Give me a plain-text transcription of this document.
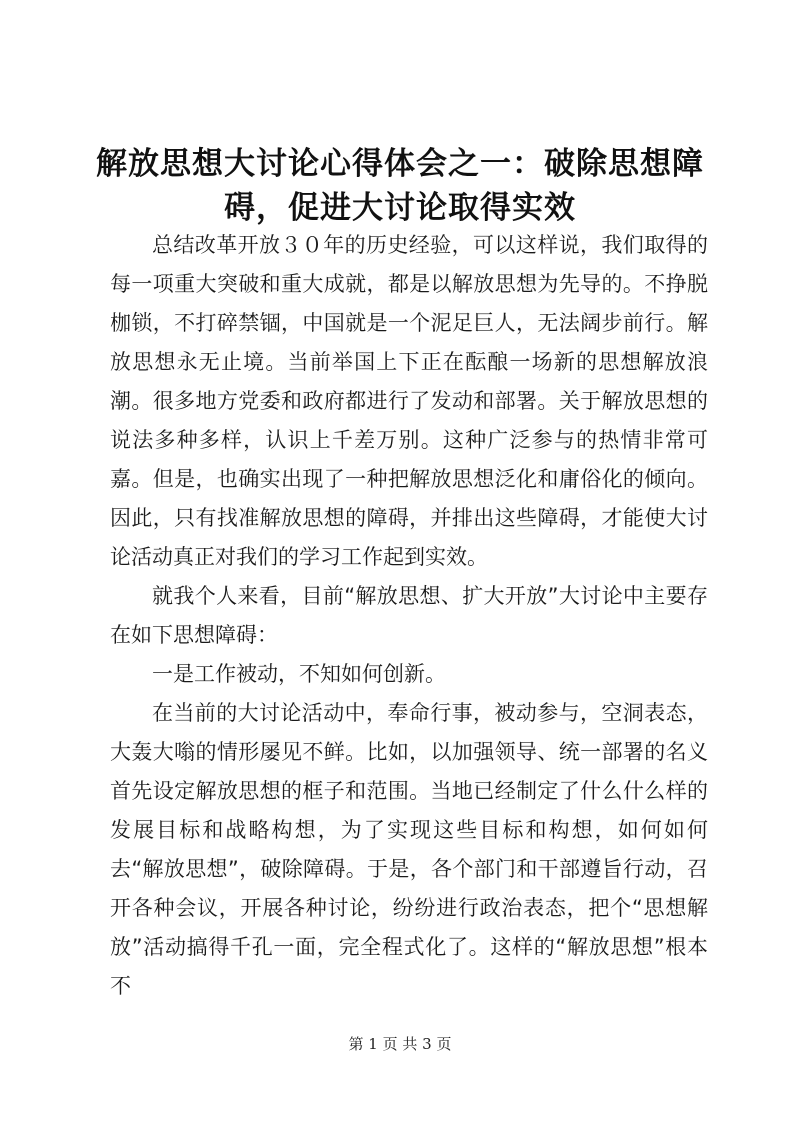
解放思想大讨论心得体会之一：破除思想障
碍，促进大讨论取得实效

总结改革开放３０年的历史经验，可以这样说，我们取得的每一项重大突破和重大成就，都是以解放思想为先导的。不挣脱枷锁，不打碎禁锢，中国就是一个泥足巨人，无法阔步前行。解放思想永无止境。当前举国上下正在酝酿一场新的思想解放浪潮。很多地方党委和政府都进行了发动和部署。关于解放思想的说法多种多样，认识上千差万别。这种广泛参与的热情非常可嘉。但是，也确实出现了一种把解放思想泛化和庸俗化的倾向。因此，只有找准解放思想的障碍，并排出这些障碍，才能使大讨论活动真正对我们的学习工作起到实效。

就我个人来看，目前“解放思想、扩大开放”大讨论中主要存在如下思想障碍：

一是工作被动，不知如何创新。

在当前的大讨论活动中，奉命行事，被动参与，空洞表态，大轰大嗡的情形屡见不鲜。比如，以加强领导、统一部署的名义首先设定解放思想的框子和范围。当地已经制定了什么什么样的发展目标和战略构想，为了实现这些目标和构想，如何如何去“解放思想”，破除障碍。于是，各个部门和干部遵旨行动，召开各种会议，开展各种讨论，纷纷进行政治表态，把个“思想解放”活动搞得千孔一面，完全程式化了。这样的“解放思想”根本不

第 1 页 共 3 页
